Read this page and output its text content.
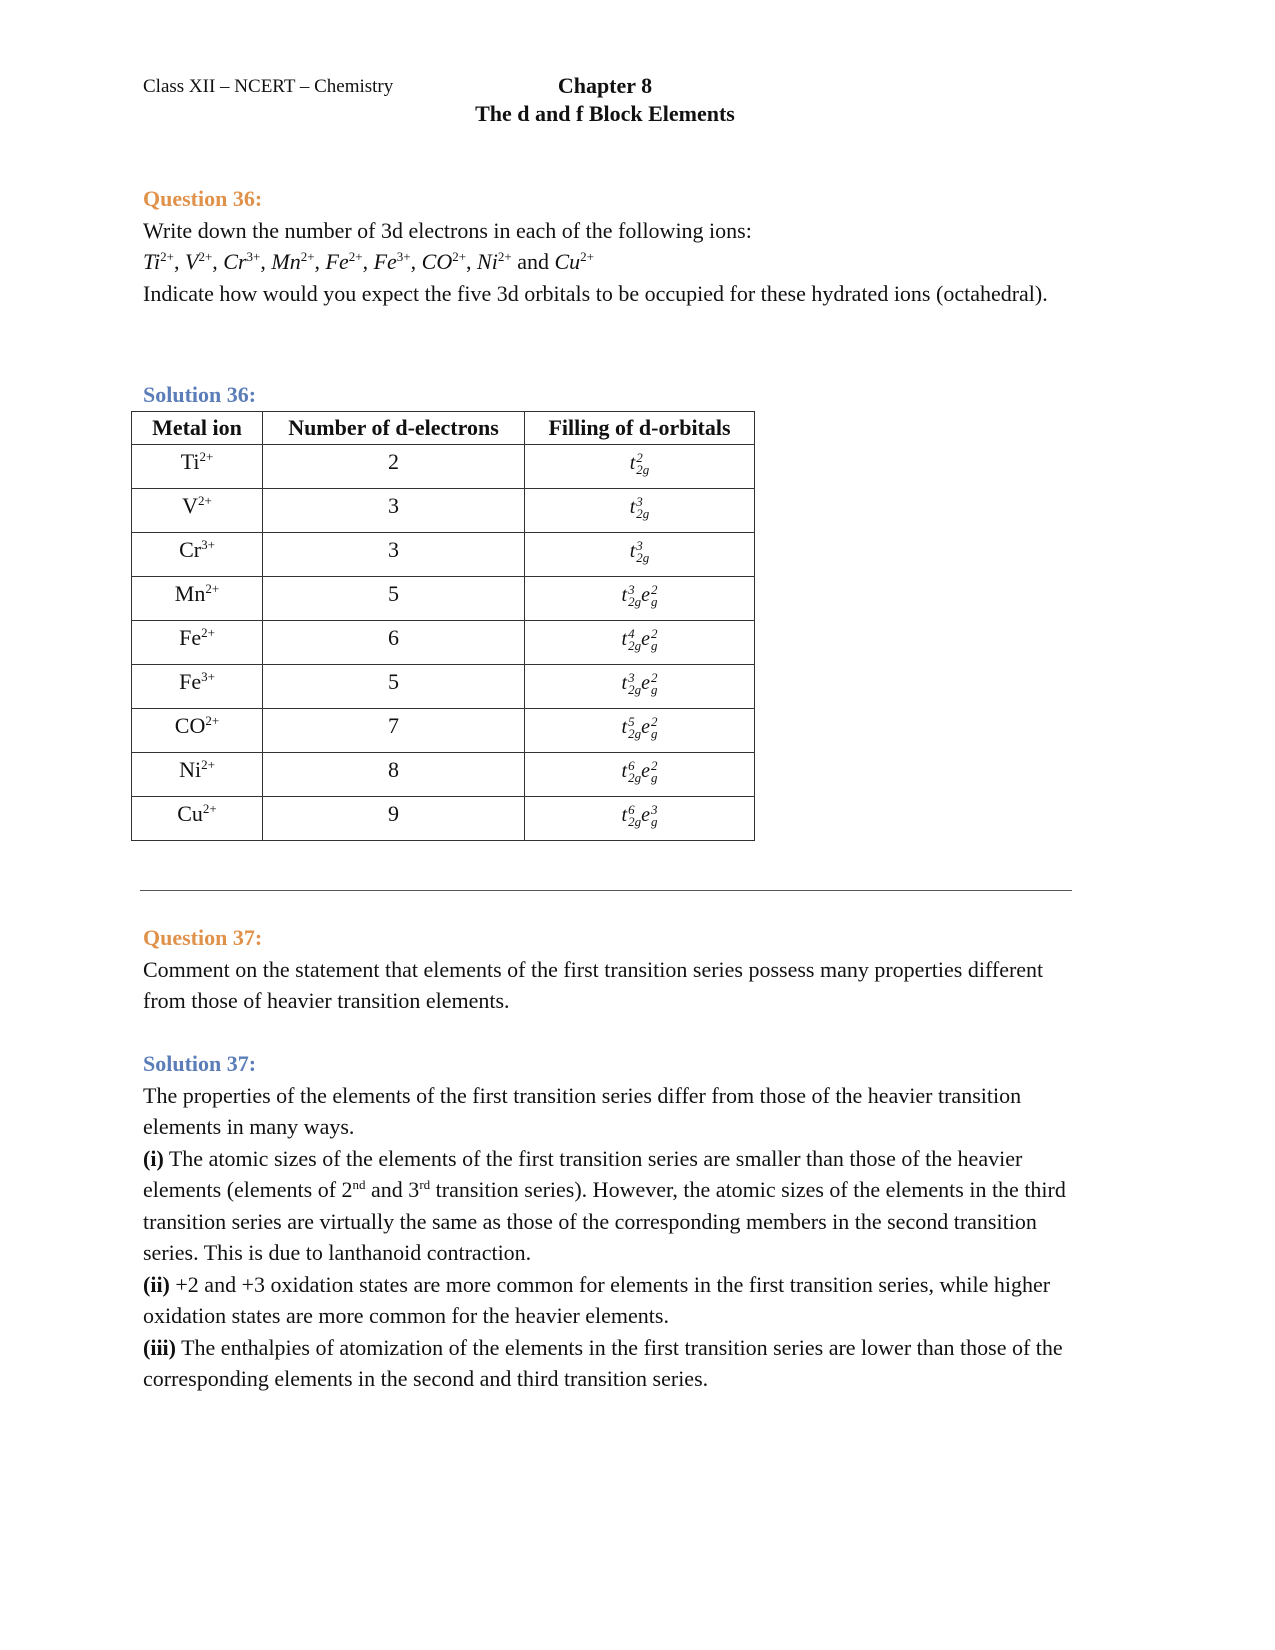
Class XII – NCERT – Chemistry	Chapter 8
The d and f Block Elements
Question 36:
Write down the number of 3d electrons in each of the following ions:
$Ti^{2+}$, $V^{2+}$, $Cr^{3+}$, $Mn^{2+}$, $Fe^{2+}$, $Fe^{3+}$, $CO^{2+}$, $Ni^{2+}$ and $Cu^{2+}$
Indicate how would you expect the five 3d orbitals to be occupied for these hydrated ions (octahedral).
Solution 36:
Metal ion	Number of d-electrons	Filling of d-orbitals
$Ti^{2+}$	2	t2
2g
$V^{2+}$	3	t3
2g
$Cr^{3+}$	3	t3
2g
$Mn^{2+}$	5	t3
2ge2
g
$Fe^{2+}$	6	t4
2ge2
g
$Fe^{3+}$	5	t3
2ge2
g
$CO^{2+}$	7	t5
2ge2
g
$Ni^{2+}$	8	t6
2ge2
g
$Cu^{2+}$	9	t6
2ge3
g
Question 37:
Comment on the statement that elements of the first transition series possess many properties different from those of heavier transition elements.
Solution 37:
The properties of the elements of the first transition series differ from those of the heavier transition elements in many ways.
(i) The atomic sizes of the elements of the first transition series are smaller than those of the heavier elements (elements of 2nd and 3rd transition series). However, the atomic sizes of the elements in the third transition series are virtually the same as those of the corresponding members in the second transition series. This is due to lanthanoid contraction.
(ii) +2 and +3 oxidation states are more common for elements in the first transition series, while higher oxidation states are more common for the heavier elements.
(iii) The enthalpies of atomization of the elements in the first transition series are lower than those of the corresponding elements in the second and third transition series.
